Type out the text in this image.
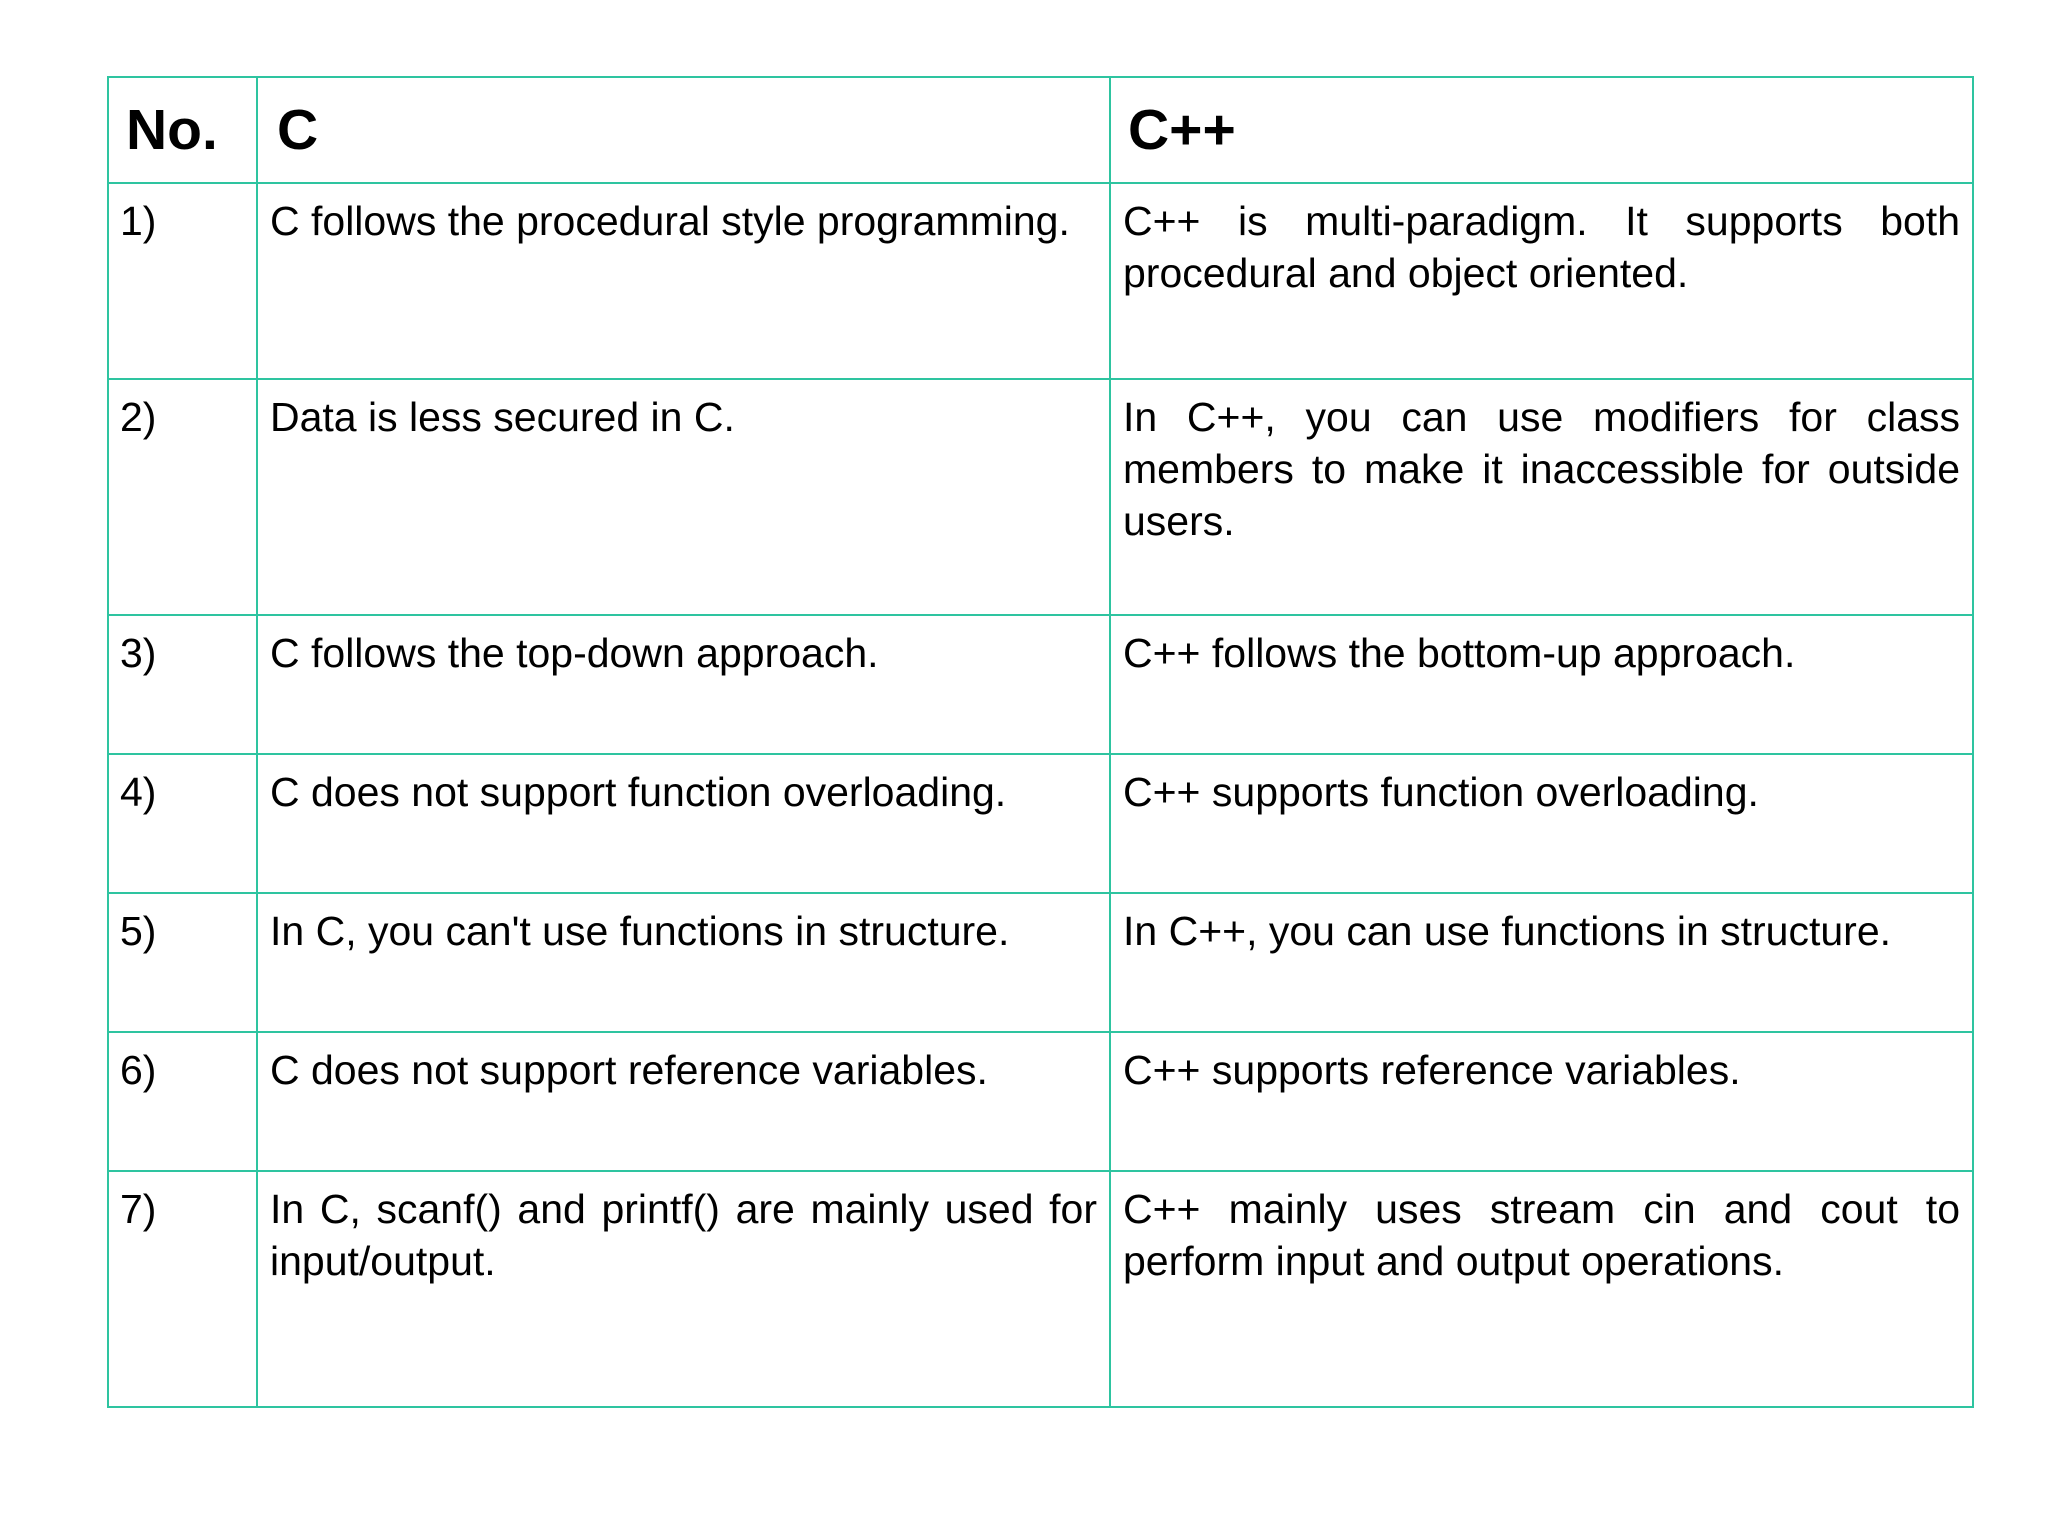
No.	C	C++
1)	C follows the procedural style programming.	C++ is multi-paradigm. It supports both procedural and object oriented.
2)	Data is less secured in C.	In C++, you can use modifiers for class members to make it inaccessible for outside users.
3)	C follows the top-down approach.	C++ follows the bottom-up approach.
4)	C does not support function overloading.	C++ supports function overloading.
5)	In C, you can't use functions in structure.	In C++, you can use functions in structure.
6)	C does not support reference variables.	C++ supports reference variables.
7)	In C, scanf() and printf() are mainly used for input/output.	C++ mainly uses stream cin and cout to perform input and output operations.
